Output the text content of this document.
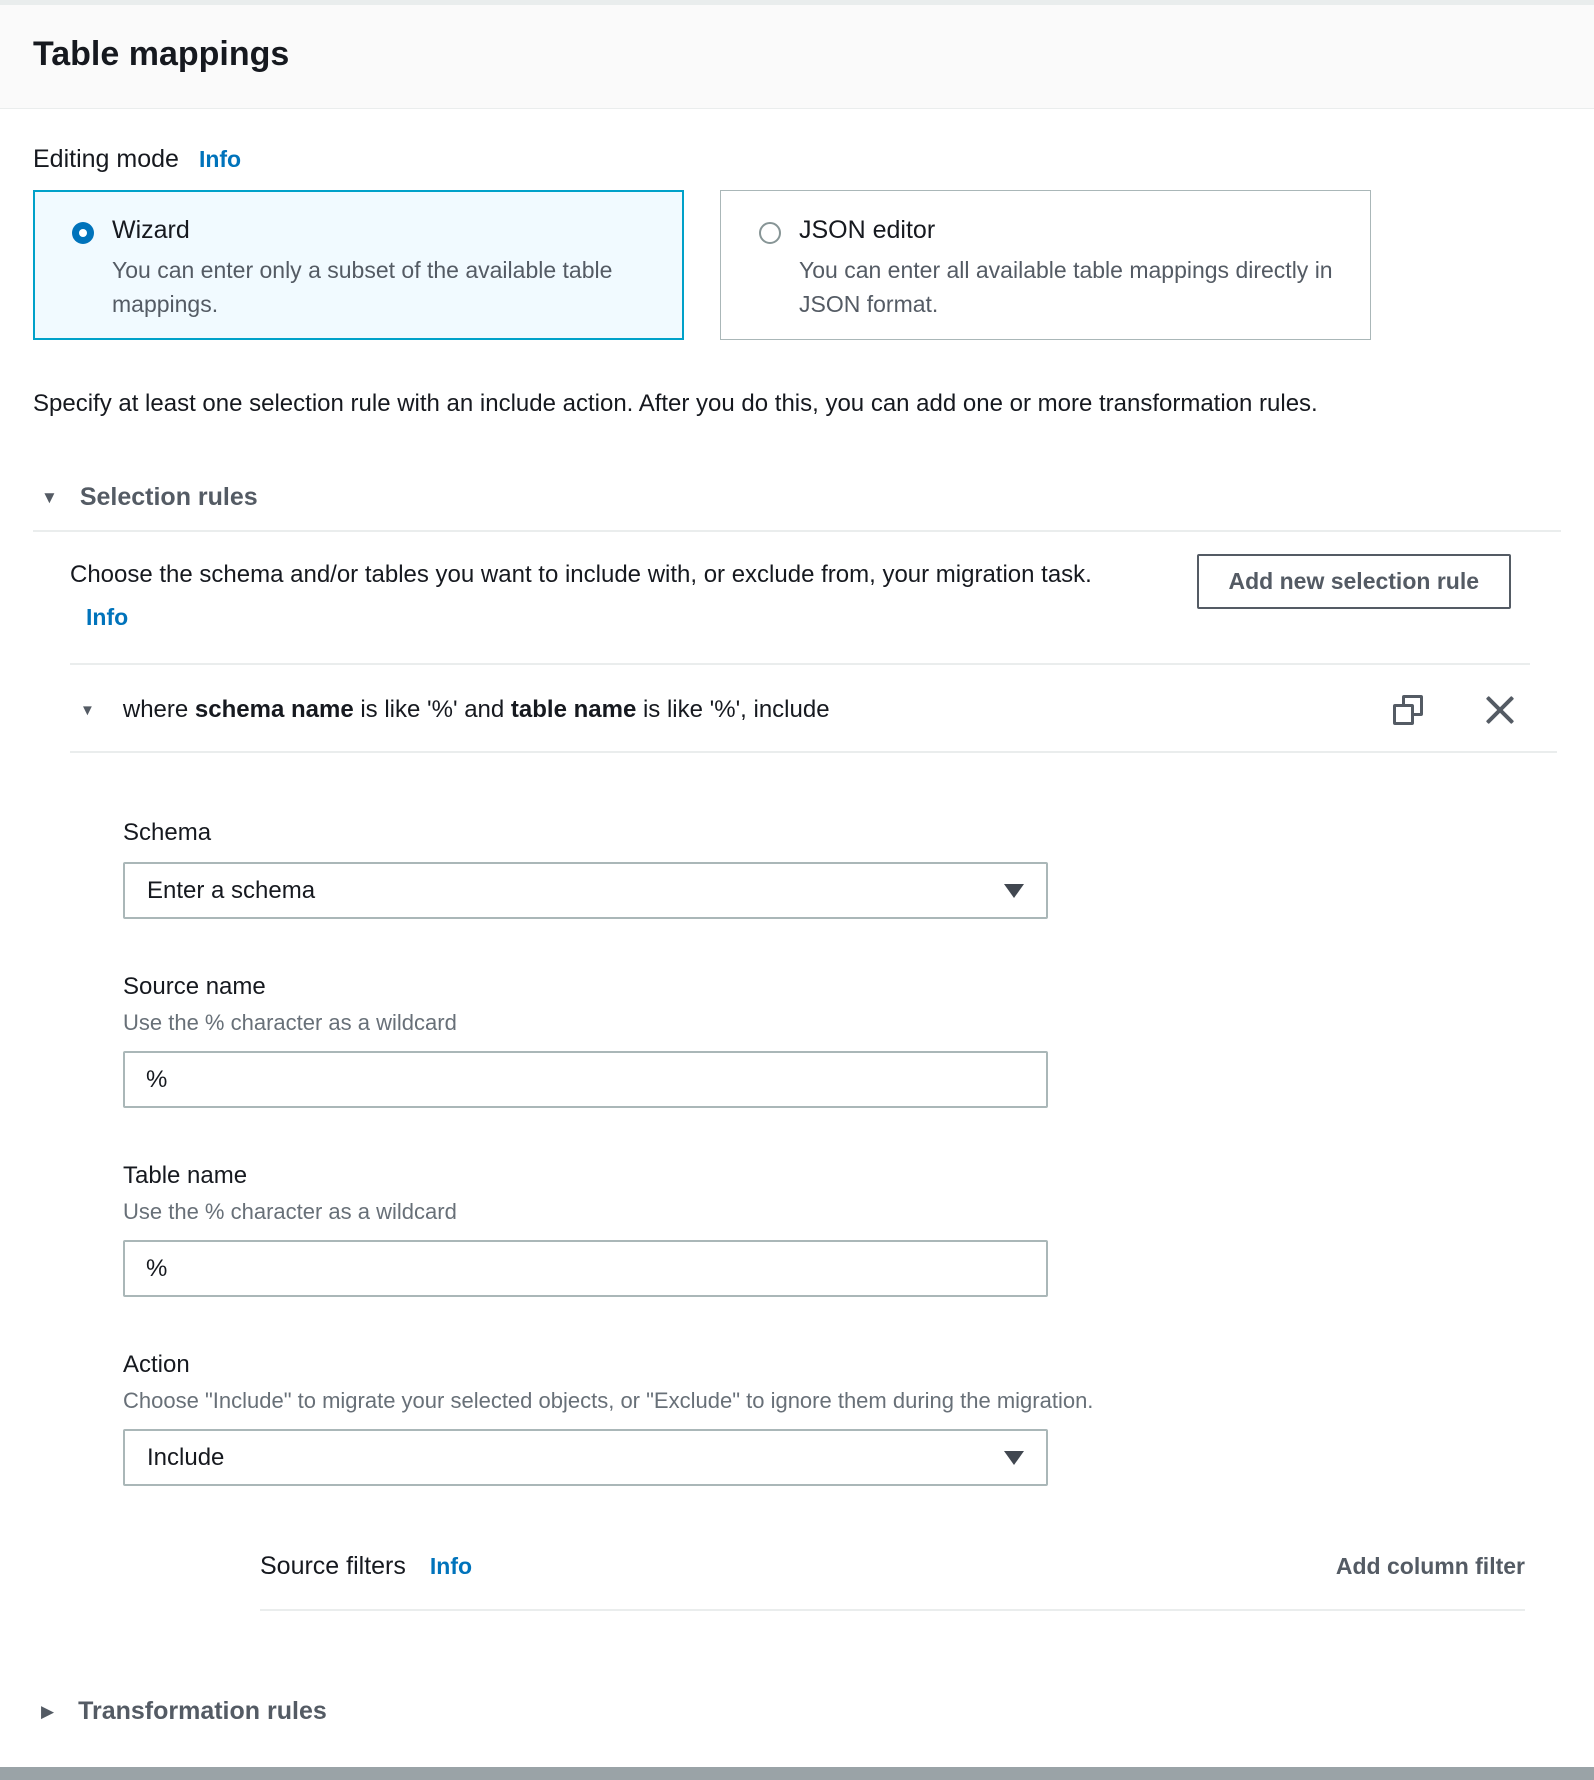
Table mappings
Editing mode Info
Wizard
You can enter only a subset of the available table mappings.
JSON editor
You can enter all available table mappings directly in JSON format.

Specify at least one selection rule with an include action. After you do this, you can add one or more transformation rules.

▼ Selection rules
Choose the schema and/or tables you want to include with, or exclude from, your migration task. Info
Add new selection rule
▼ where schema name is like '%' and table name is like '%', include
Schema
Enter a schema
Source name
Use the % character as a wildcard
%
Table name
Use the % character as a wildcard
%
Action
Choose "Include" to migrate your selected objects, or "Exclude" to ignore them during the migration.
Include
Source filters Info	Add column filter
▶ Transformation rules
